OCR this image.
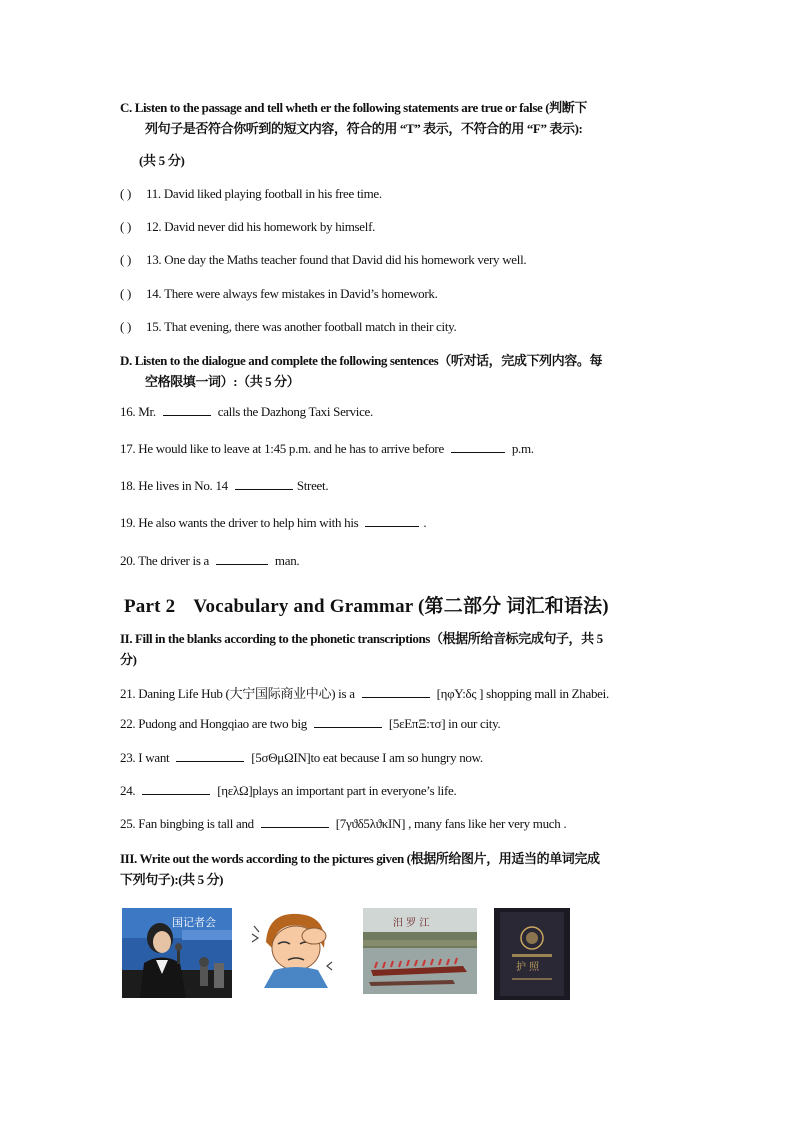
C. Listen to the passage and tell wheth er the following statements are true or false (判断下
列句子是否符合你听到的短文内容，符合的用 “T” 表示，不符合的用 “F” 表示):
(共 5 分)
( ) 11. David liked playing football in his free time.
( ) 12. David never did his homework by himself.
( ) 13. One day the Maths teacher found that David did his homework very well.
( ) 14. There were always few mistakes in David’s homework.
( ) 15. That evening, there was another football match in their city.
D. Listen to the dialogue and complete the following sentences（听对话，完成下列内容。每
空格限填一词）:（共 5 分）
16. Mr.	calls the Dazhong Taxi Service.
17. He would like to leave at 1:45 p.m. and he has to arrive before	p.m.
18. He lives in No. 14	Street.
19. He also wants the driver to help him with his	.
20. The driver is a	man.
Part 2 Vocabulary and Grammar (第二部分 词汇和语法)
II. Fill in the blanks according to the phonetic transcriptions（根据所给音标完成句子，共 5
分)
21. Daning Life Hub (大宁国际商业中心) is a	[ηφΥ:δς ] shopping mall in Zhabei.
22. Pudong and Hongqiao are two big	[5εΕπΞ:τσ] in our city.
23. I want	[5σΘμΩΙΝ]to eat because I am so hungry now.
24.	[ηελΩ]plays an important part in everyone’s life.
25. Fan bingbing is tall and	[7γϑδ5λϑκΙΝ] , many fans like her very much .
III. Write out the words according to the pictures given (根据所给图片，用适当的单词完成
下列句子):(共 5 分)
国记者会	汨 罗 江
护 照
